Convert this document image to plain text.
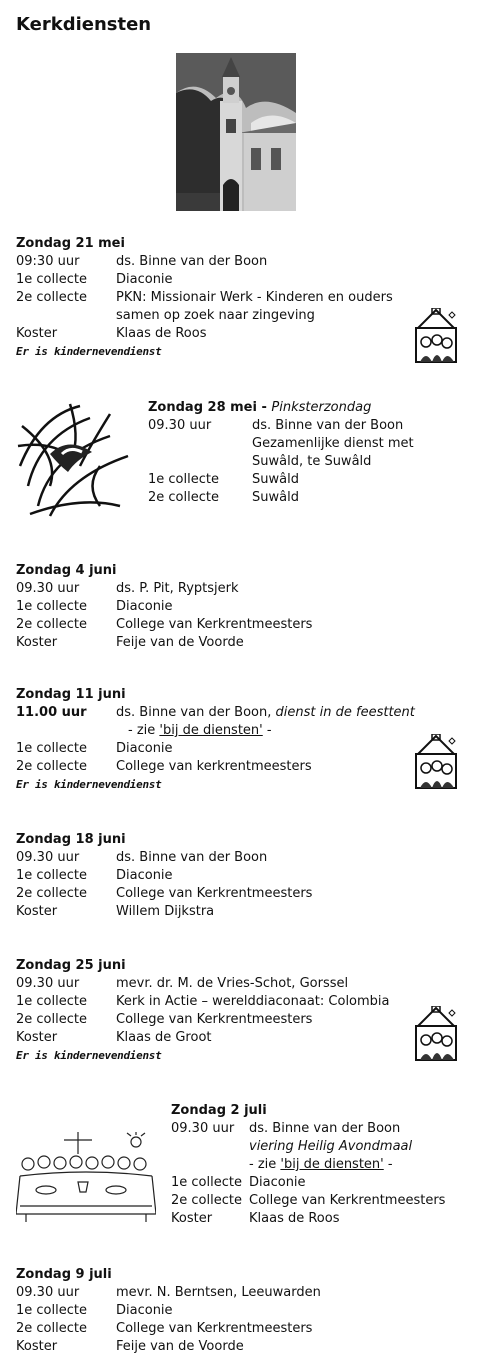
Kerkdiensten
Zondag 21 mei
09:30 uur	ds. Binne van der Boon
1e collecte	Diaconie
2e collecte	PKN: Missionair Werk - Kinderen en ouders
samen op zoek naar zingeving
Koster	Klaas de Roos
Er is kindernevendienst
Zondag 28 mei - Pinksterzondag
09.30 uur	ds. Binne van der Boon
Gezamenlijke dienst met
Suwâld, te Suwâld
1e collecte	Suwâld
2e collecte	Suwâld
Zondag 4 juni
09.30 uur	ds. P. Pit, Ryptsjerk
1e collecte	Diaconie
2e collecte	College van Kerkrentmeesters
Koster	Feije van de Voorde
Zondag 11 juni
11.00 uur	ds. Binne van der Boon, dienst in de feesttent
- zie 'bij de diensten' -
1e collecte	Diaconie
2e collecte	College van kerkrentmeesters
Er is kindernevendienst
Zondag 18 juni
09.30 uur	ds. Binne van der Boon
1e collecte	Diaconie
2e collecte	College van Kerkrentmeesters
Koster	Willem Dijkstra
Zondag 25 juni
09.30 uur	mevr. dr. M. de Vries-Schot, Gorssel
1e collecte	Kerk in Actie – werelddiaconaat: Colombia
2e collecte	College van Kerkrentmeesters
Koster	Klaas de Groot
Er is kindernevendienst
Zondag 2 juli
09.30 uur	ds. Binne van der Boon
viering Heilig Avondmaal
- zie 'bij de diensten' -
1e collecte Diaconie
2e collecte College van Kerkrentmeesters
Koster	Klaas de Roos
Zondag 9 juli
09.30 uur	mevr. N. Berntsen, Leeuwarden
1e collecte	Diaconie
2e collecte	College van Kerkrentmeesters
Koster	Feije van de Voorde
